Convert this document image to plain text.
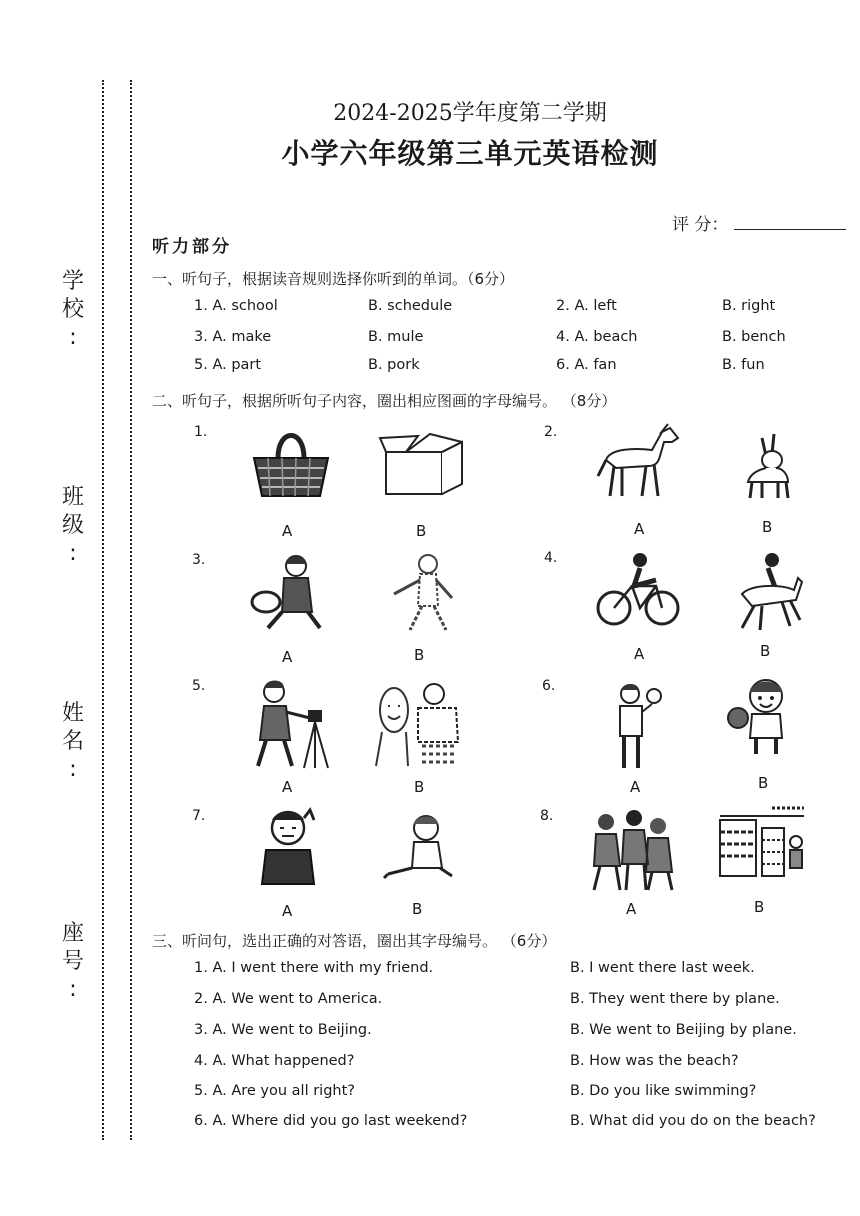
学
校
:
班
级
:
姓
名
:
座
号
:
2024-2025学年度第二学期
小学六年级第三单元英语检测
评 分：
听力部分
一、听句子，根据读音规则选择你听到的单词。（6分）
1. A. school	B. schedule	2. A. left	B. right
3. A. make	B. mule	4. A. beach	B. bench
5. A. part	B. pork	6. A. fan	B. fun
二、听句子，根据所听句子内容，圈出相应图画的字母编号。 （8分）
1.	2.
3.	4.
5.	6.
7.	8.
A	B	A	B
A	B	A	B
A	B	A	B
A	B	A	B
三、听问句，选出正确的对答语，圈出其字母编号。 （6分）
1. A. I went there with my friend.	B. I went there last week.
2. A. We went to America.	B. They went there by plane.
3. A. We went to Beijing.	B. We went to Beijing by plane.
4. A. What happened?	B. How was the beach?
5. A. Are you all right?	B. Do you like swimming?
6. A. Where did you go last weekend?	B. What did you do on the beach?
